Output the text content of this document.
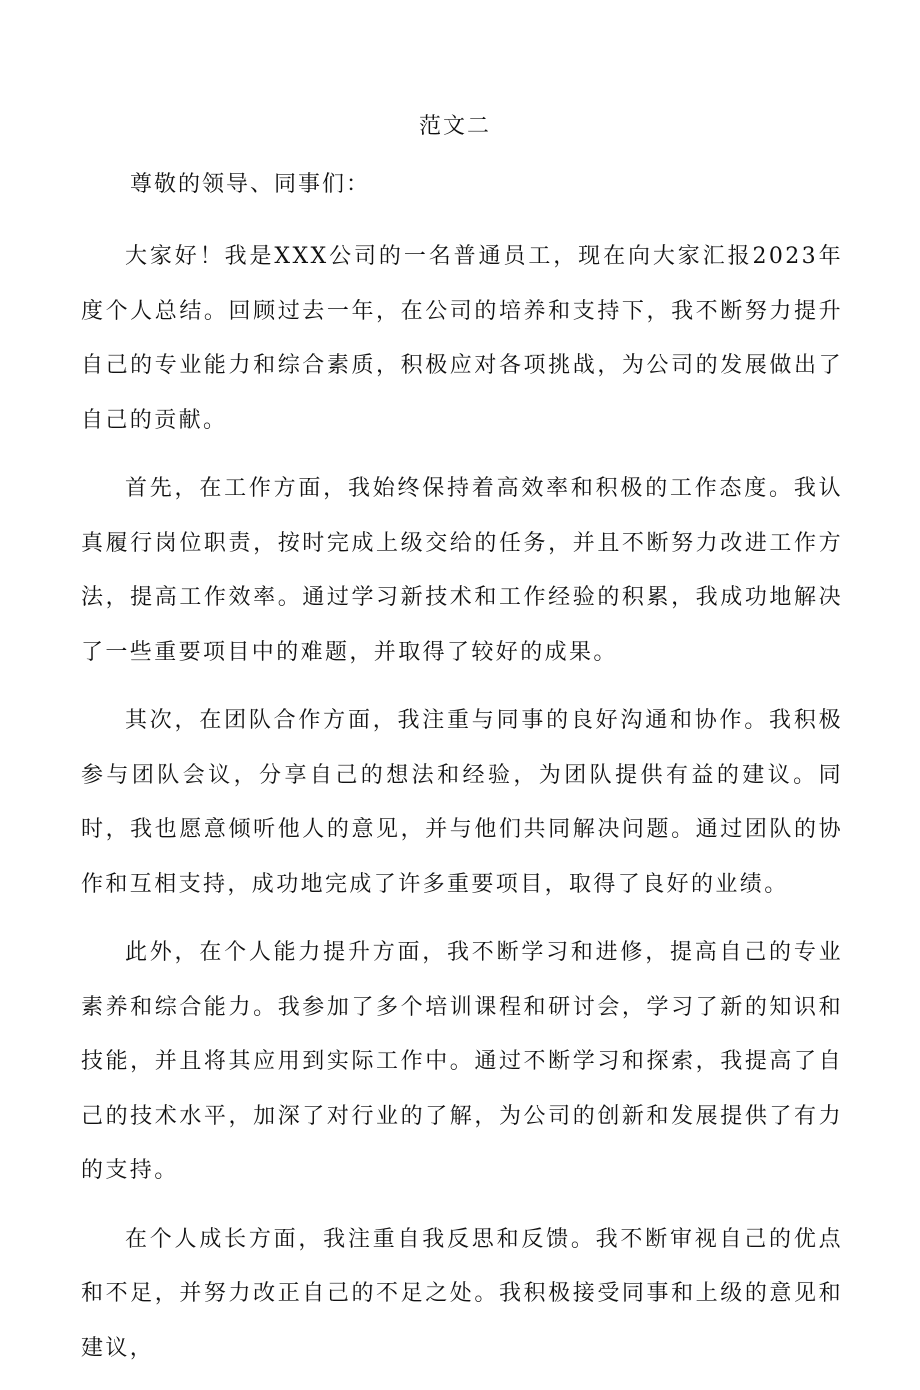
范文二

尊敬的领导、同事们：

大家好！我是XXX公司的一名普通员工，现在向大家汇报2023年度个人总结。回顾过去一年，在公司的培养和支持下，我不断努力提升自己的专业能力和综合素质，积极应对各项挑战，为公司的发展做出了自己的贡献。

首先，在工作方面，我始终保持着高效率和积极的工作态度。我认真履行岗位职责，按时完成上级交给的任务，并且不断努力改进工作方法，提高工作效率。通过学习新技术和工作经验的积累，我成功地解决了一些重要项目中的难题，并取得了较好的成果。

其次，在团队合作方面，我注重与同事的良好沟通和协作。我积极参与团队会议，分享自己的想法和经验，为团队提供有益的建议。同时，我也愿意倾听他人的意见，并与他们共同解决问题。通过团队的协作和互相支持，成功地完成了许多重要项目，取得了良好的业绩。

此外，在个人能力提升方面，我不断学习和进修，提高自己的专业素养和综合能力。我参加了多个培训课程和研讨会，学习了新的知识和技能，并且将其应用到实际工作中。通过不断学习和探索，我提高了自己的技术水平，加深了对行业的了解，为公司的创新和发展提供了有力的支持。

在个人成长方面，我注重自我反思和反馈。我不断审视自己的优点和不足，并努力改正自己的不足之处。我积极接受同事和上级的意见和建议，
